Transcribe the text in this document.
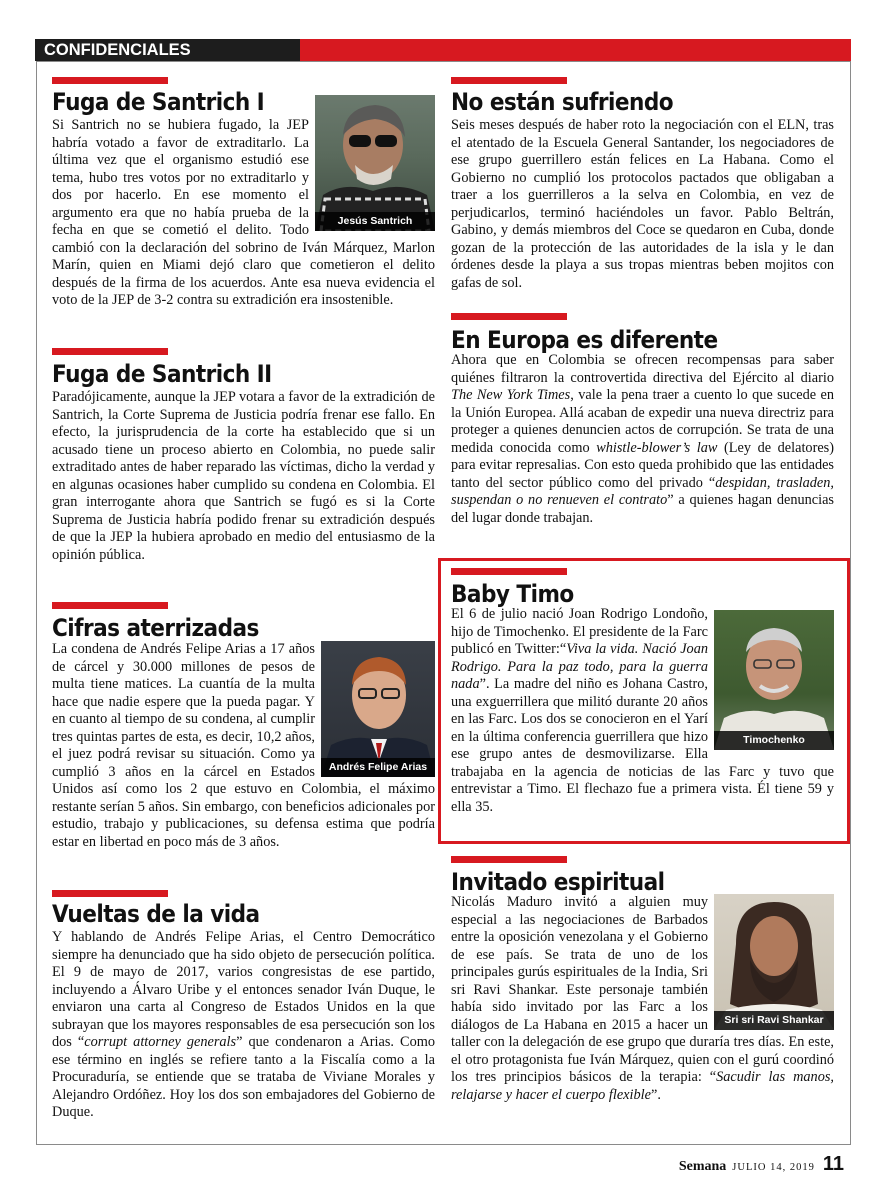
CONFIDENCIALES
Fuga de Santrich I
Jesús Santrich

Si Santrich no se hubiera fugado, la JEP habría votado a favor de extraditarlo. La última vez que el organismo estudió ese tema, hubo tres votos por no extraditarlo y dos por hacerlo. En ese momento el argumento era que no había prueba de la fecha en que se cometió el delito. Todo cambió con la declaración del sobrino de Iván Márquez, Marlon Marín, quien en Miami dejó claro que cometieron el delito después de la firma de los acuerdos. Ante esa nueva evidencia el voto de la JEP de 3-2 contra su extradición era insostenible.

Fuga de Santrich II

Paradójicamente, aunque la JEP votara a favor de la extradición de Santrich, la Corte Suprema de Justicia podría frenar ese fallo. En efecto, la jurisprudencia de la corte ha establecido que si un acusado tiene un proceso abierto en Colombia, no puede salir extraditado antes de haber reparado las víctimas, dicho la verdad y en algunas ocasiones haber cumplido su condena en Colombia. El gran interrogante ahora que Santrich se fugó es si la Corte Suprema de Justicia habría podido frenar su extradición después de que la JEP la hubiera aprobado en medio del entusiasmo de la opinión pública.

Cifras aterrizadas
Andrés Felipe Arias

La condena de Andrés Felipe Arias a 17 años de cárcel y 30.000 millones de pesos de multa tiene matices. La cuantía de la multa hace que nadie espere que la pueda pagar. Y en cuanto al tiempo de su condena, al cumplir tres quintas partes de esta, es decir, 10,2 años, el juez podrá revisar su situación. Como ya cumplió 3 años en la cárcel en Estados Unidos así como los 2 que estuvo en Colombia, el máximo restante serían 5 años. Sin embargo, con beneficios adicionales por estudio, trabajo y publicaciones, su defensa estima que podría estar en libertad en poco más de 3 años.

Vueltas de la vida

Y hablando de Andrés Felipe Arias, el Centro Democrático siempre ha denunciado que ha sido objeto de persecución política. El 9 de mayo de 2017, varios congresistas de ese partido, incluyendo a Álvaro Uribe y el entonces senador Iván Duque, le enviaron una carta al Congreso de Estados Unidos en la que subrayan que los mayores responsables de esa persecución son los dos “corrupt attorney generals” que condenaron a Arias. Como ese término en inglés se refiere tanto a la Fiscalía como a la Procuraduría, se entiende que se trataba de Viviane Morales y Alejandro Ordóñez. Hoy los dos son embajadores del Gobierno de Duque.

No están sufriendo

Seis meses después de haber roto la negociación con el ELN, tras el atentado de la Escuela General Santander, los negociadores de ese grupo guerrillero están felices en La Habana. Como el Gobierno no cumplió los protocolos pactados que obligaban a traer a los guerrilleros a la selva en Colombia, en vez de perjudicarlos, terminó haciéndoles un favor. Pablo Beltrán, Gabino, y demás miembros del Coce se quedaron en Cuba, donde gozan de la protección de las autoridades de la isla y le dan órdenes desde la playa a sus tropas mientras beben mojitos con gafas de sol.

En Europa es diferente

Ahora que en Colombia se ofrecen recompensas para saber quiénes filtraron la controvertida directiva del Ejército al diario The New York Times, vale la pena traer a cuento lo que sucede en la Unión Europea. Allá acaban de expedir una nueva directriz para proteger a quienes denuncien actos de corrupción. Se trata de una medida conocida como whistle-blower’s law (Ley de delatores) para evitar represalias. Con esto queda prohibido que las entidades tanto del sector público como del privado “despidan, trasladen, suspendan o no renueven el contrato” a quienes hagan denuncias del lugar donde trabajan.

Baby Timo
Timochenko

El 6 de julio nació Joan Rodrigo Londoño, hijo de Timochenko. El presidente de la Farc publicó en Twitter:“Viva la vida. Nació Joan Rodrigo. Para la paz todo, para la guerra nada”. La madre del niño es Johana Castro, una exguerrillera que militó durante 20 años en las Farc. Los dos se conocieron en el Yarí en la última conferencia guerrillera que hizo ese grupo antes de desmovilizarse. Ella trabajaba en la agencia de noticias de las Farc y tuvo que entrevistar a Timo. El flechazo fue a primera vista. Él tiene 59 y ella 35.

Invitado espiritual
Sri sri Ravi Shankar

Nicolás Maduro invitó a alguien muy especial a las negociaciones de Barbados entre la oposición venezolana y el Gobierno de ese país. Se trata de uno de los principales gurús espirituales de la India, Sri sri Ravi Shankar. Este personaje también había sido invitado por las Farc a los diálogos de La Habana en 2015 a hacer un taller con la delegación de ese grupo que duraría tres días. En este, el otro protagonista fue Iván Márquez, quien con el gurú coordinó los tres principios básicos de la terapia: “Sacudir las manos, relajarse y hacer el cuerpo flexible”.

Semana JULIO 14, 2019 11
